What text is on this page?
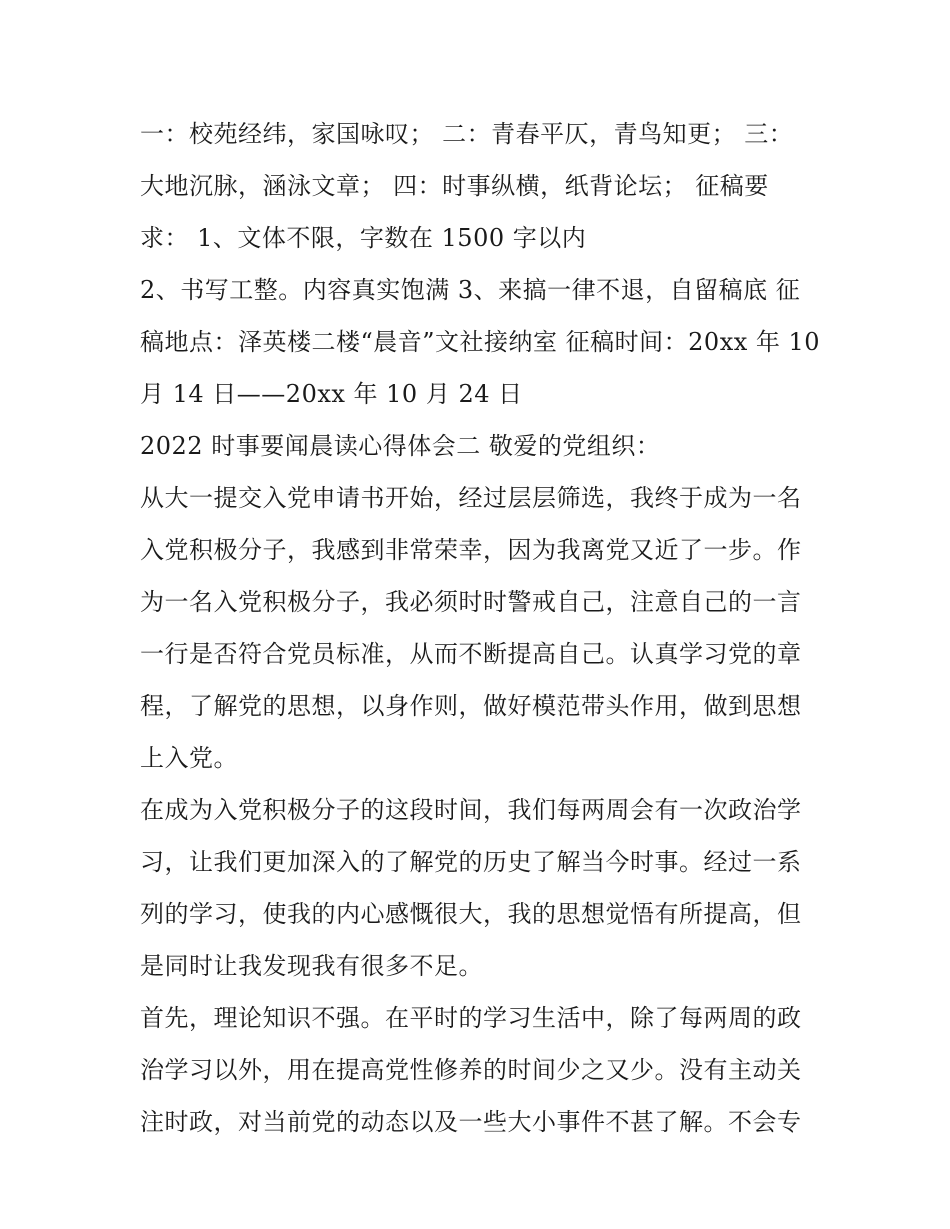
一：校苑经纬，家国咏叹； 二：青春平仄，青鸟知更； 三：
大地沉脉，涵泳文章； 四：时事纵横，纸背论坛； 征稿要
求： 1、文体不限，字数在 1500 字以内
2、书写工整。内容真实饱满 3、来搞一律不退，自留稿底 征
稿地点：泽英楼二楼“晨音”文社接纳室 征稿时间：20xx 年 10
月 14 日——20xx 年 10 月 24 日
2022 时事要闻晨读心得体会二 敬爱的党组织：
从大一提交入党申请书开始，经过层层筛选，我终于成为一名
入党积极分子，我感到非常荣幸，因为我离党又近了一步。作
为一名入党积极分子，我必须时时警戒自己，注意自己的一言
一行是否符合党员标准，从而不断提高自己。认真学习党的章
程，了解党的思想，以身作则，做好模范带头作用，做到思想
上入党。
在成为入党积极分子的这段时间，我们每两周会有一次政治学
习，让我们更加深入的了解党的历史了解当今时事。经过一系
列的学习，使我的内心感慨很大，我的思想觉悟有所提高，但
是同时让我发现我有很多不足。
首先，理论知识不强。在平时的学习生活中，除了每两周的政
治学习以外，用在提高党性修养的时间少之又少。没有主动关
注时政，对当前党的动态以及一些大小事件不甚了解。不会专
